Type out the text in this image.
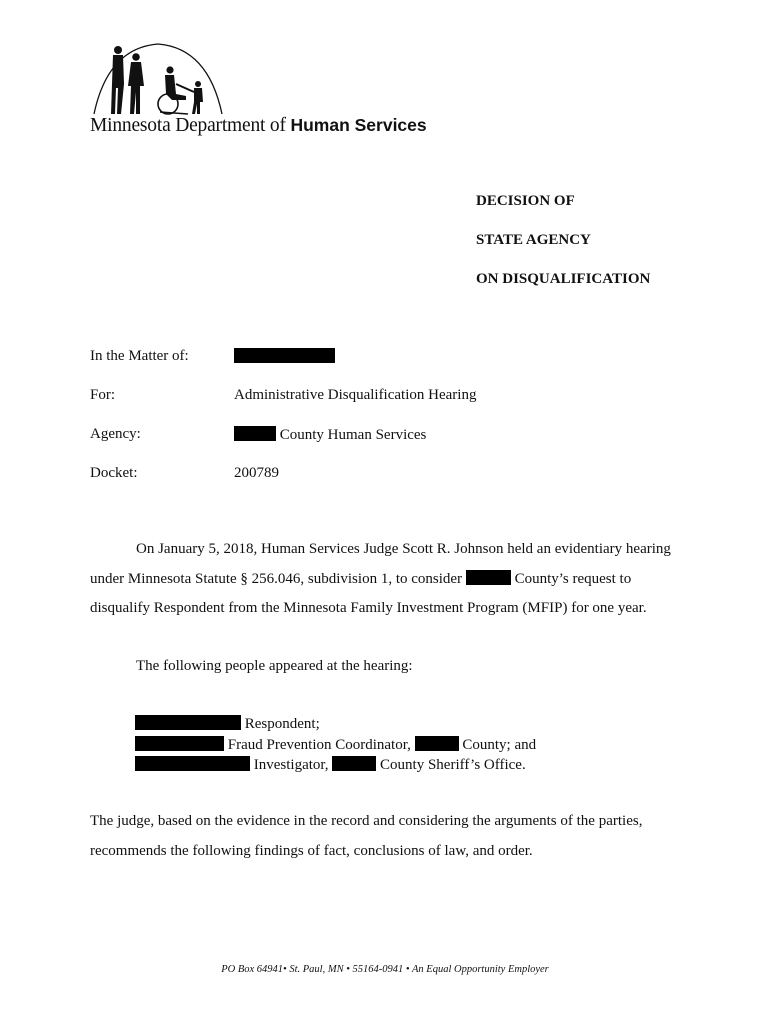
Minnesota Department of Human Services
DECISION OF
STATE AGENCY
ON DISQUALIFICATION
In the Matter of:
For:	Administrative Disqualification Hearing
Agency:	County Human Services
Docket:	200789
On January 5, 2018, Human Services Judge Scott R. Johnson held an evidentiary hearing under Minnesota Statute § 256.046, subdivision 1, to consider	County’s request to disqualify Respondent from the Minnesota Family Investment Program (MFIP) for one year.
The following people appeared at the hearing:
Respondent;
Fraud Prevention Coordinator,	County; and
Investigator,	County Sheriff’s Office.
The judge, based on the evidence in the record and considering the arguments of the parties, recommends the following findings of fact, conclusions of law, and order.
PO Box 64941• St. Paul, MN • 55164-0941 • An Equal Opportunity Employer
